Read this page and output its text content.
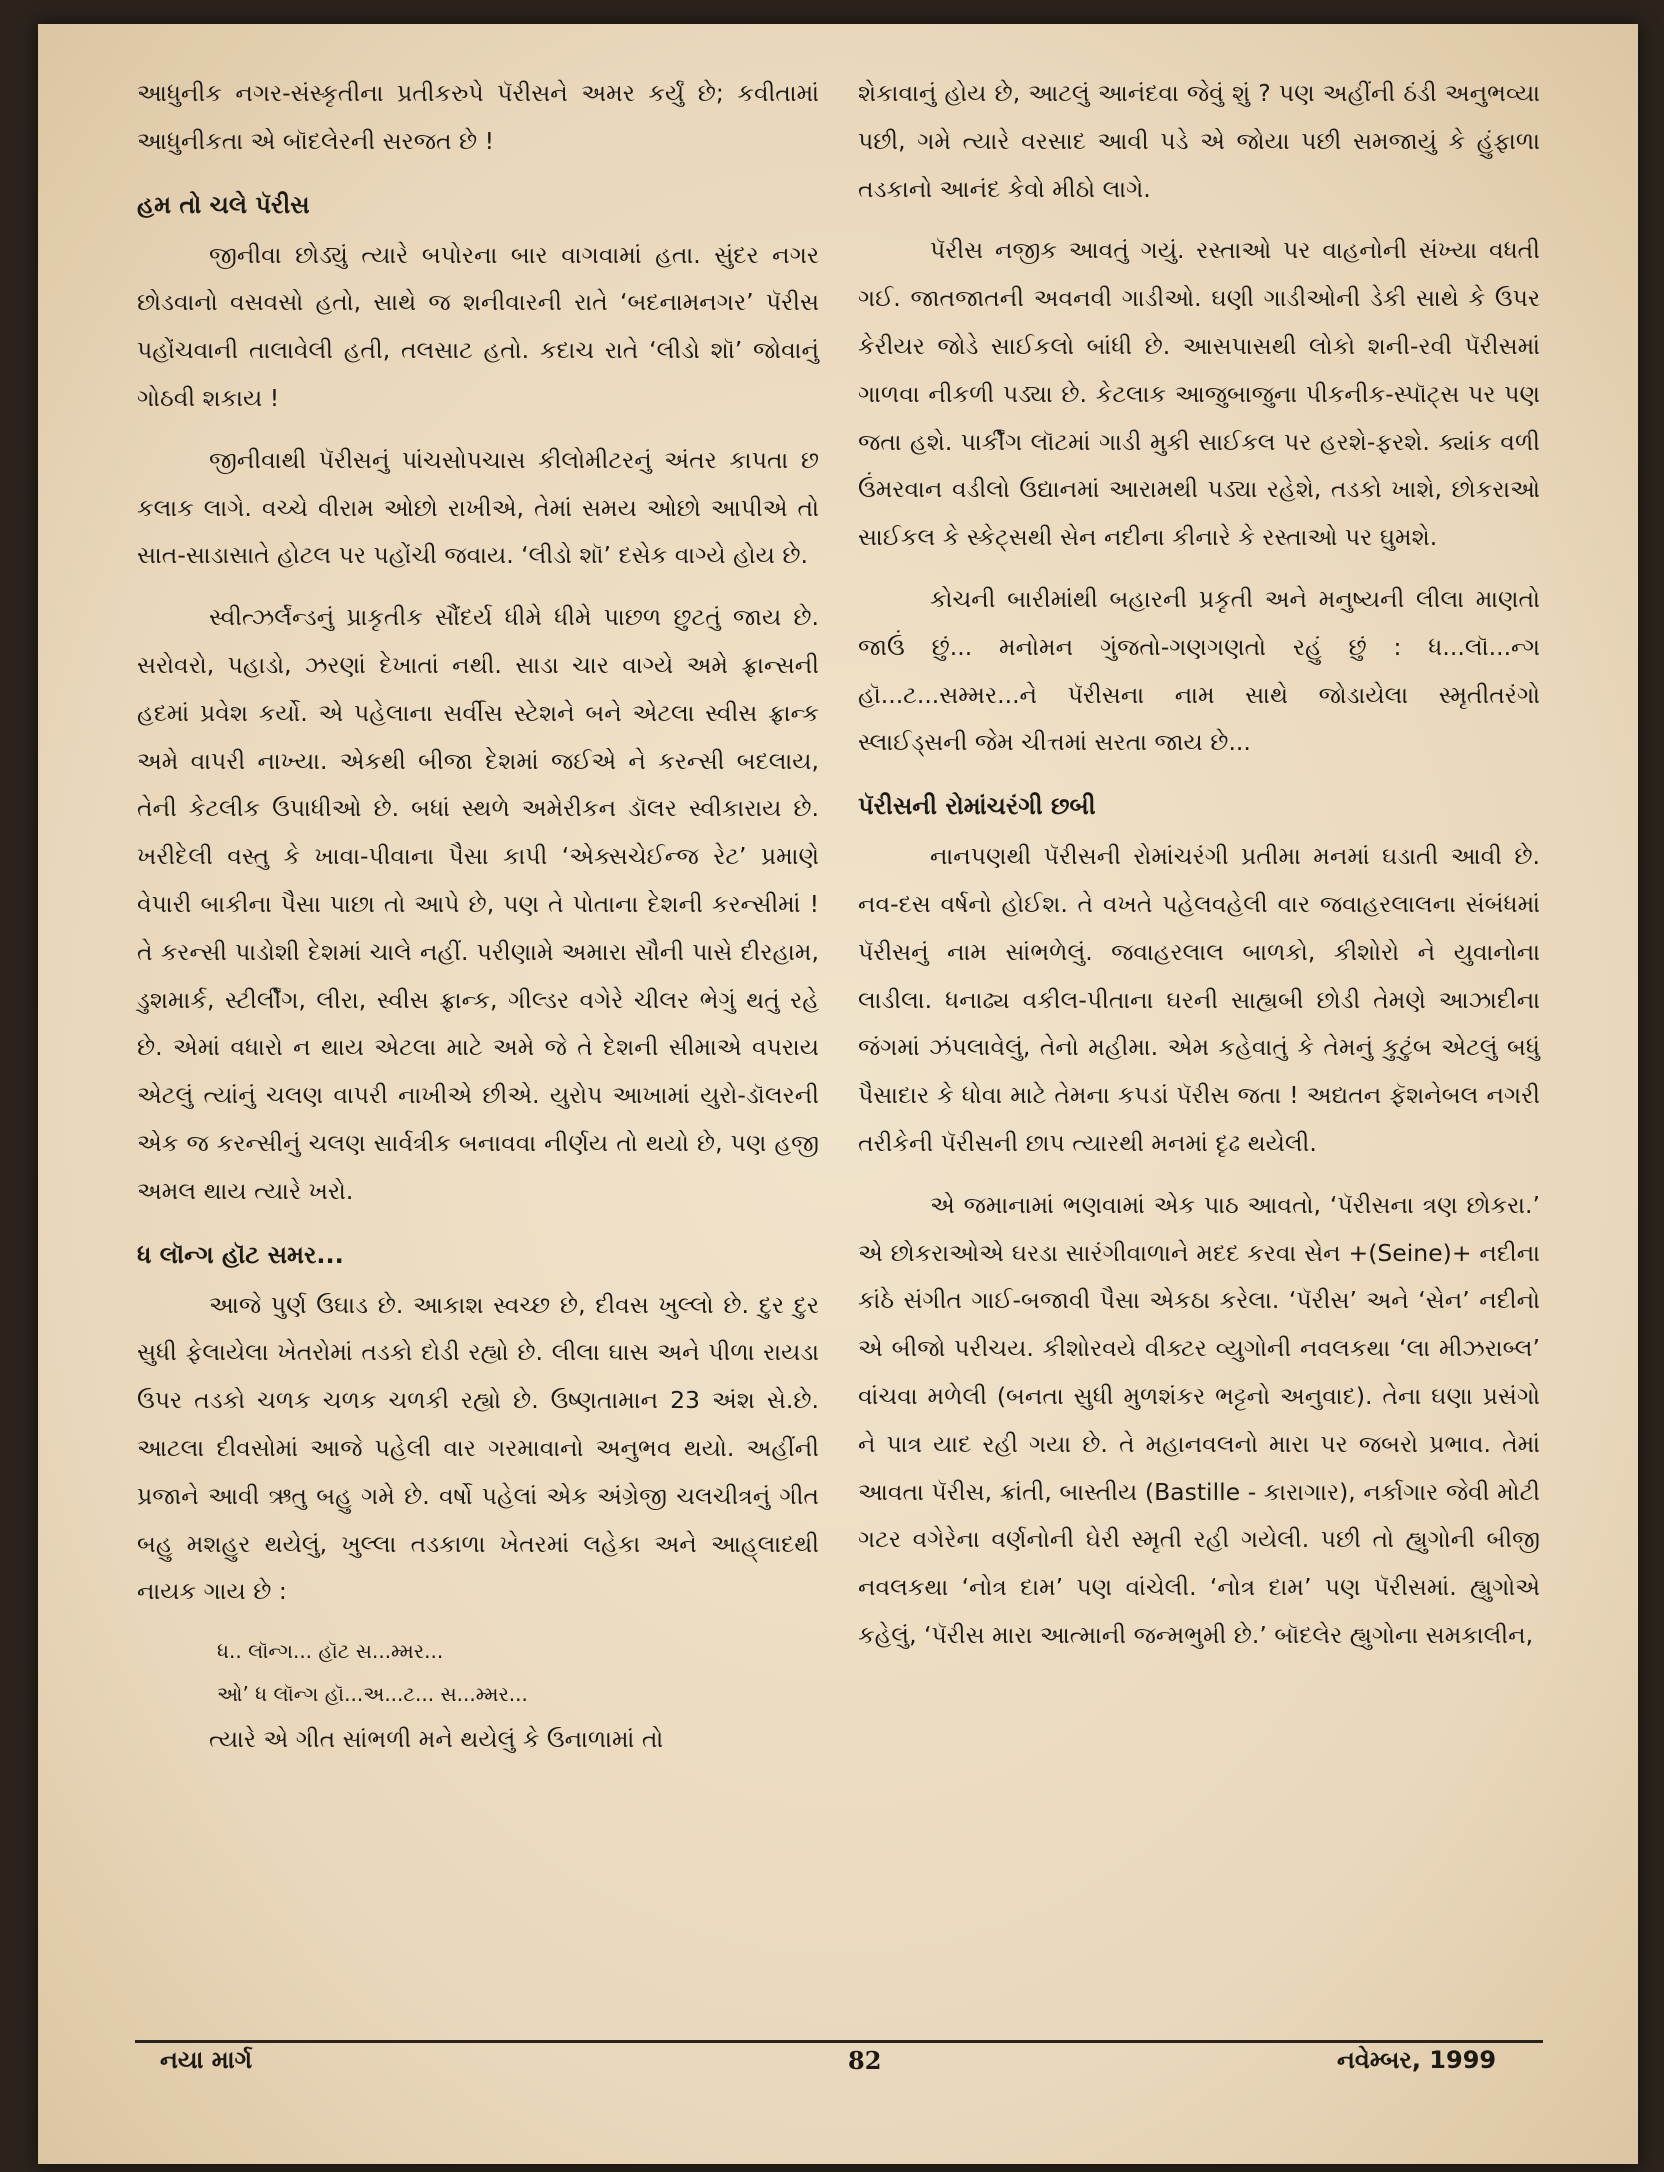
આધુનીક નગર-સંસ્કૃતીના પ્રતીકરુપે પૅરીસને અમર કર્યું છે; કવીતામાં આધુનીકતા એ બૉદલેરની સરજત છે !

હમ તો ચલે પૅરીસ

જીનીવા છોડ્યું ત્યારે બપોરના બાર વાગવામાં હતા. સુંદર નગર છોડવાનો વસવસો હતો, સાથે જ શનીવારની રાતે ‘બદનામનગર’ પૅરીસ પહોંચવાની તાલાવેલી હતી, તલસાટ હતો. કદાચ રાતે ‘લીડો શૉ’ જોવાનું ગોઠવી શકાય !

જીનીવાથી પૅરીસનું પાંચસોપચાસ કીલોમીટરનું અંતર કાપતા છ કલાક લાગે. વચ્ચે વીરામ ઓછો રાખીએ, તેમાં સમય ઓછો આપીએ તો સાત-સાડાસાતે હોટલ પર પહોંચી જવાય. ‘લીડો શૉ’ દસેક વાગ્યે હોય છે.

સ્વીત્ઝર્લૅન્ડનું પ્રાકૃતીક સૌંદર્ય ધીમે ધીમે પાછળ છુટતું જાય છે. સરોવરો, પહાડો, ઝરણાં દેખાતાં નથી. સાડા ચાર વાગ્યે અમે ફ્રાન્સની હદમાં પ્રવેશ કર્યો. એ પહેલાના સર્વીસ સ્ટેશને બને એટલા સ્વીસ ફ્રાન્ક અમે વાપરી નાખ્યા. એકથી બીજા દેશમાં જઈએ ને કરન્સી બદલાય, તેની કેટલીક ઉપાધીઓ છે. બધાં સ્થળે અમેરીકન ડૉલર સ્વીકારાય છે. ખરીદેલી વસ્તુ કે ખાવા-પીવાના પૈસા કાપી ‘એક્સચેઈન્જ રેટ’ પ્રમાણે વેપારી બાકીના પૈસા પાછા તો આપે છે, પણ તે પોતાના દેશની કરન્સીમાં ! તે કરન્સી પાડોશી દેશમાં ચાલે નહીં. પરીણામે અમારા સૌની પાસે દીરહામ, ડુશમાર્ક, સ્ટીર્લીંગ, લીરા, સ્વીસ ફ્રાન્ક, ગીલ્ડર વગેરે ચીલર ભેગું થતું રહે છે. એમાં વધારો ન થાય એટલા માટે અમે જે તે દેશની સીમાએ વપરાય એટલું ત્યાંનું ચલણ વાપરી નાખીએ છીએ. યુરોપ આખામાં યુરો-ડૉલરની એક જ કરન્સીનું ચલણ સાર્વત્રીક બનાવવા નીર્ણય તો થયો છે, પણ હજી અમલ થાય ત્યારે ખરો.

ધ લૉન્ગ હૉટ સમર...

આજે પુર્ણ ઉઘાડ છે. આકાશ સ્વચ્છ છે, દીવસ ખુલ્લો છે. દુર દુર સુધી ફેલાયેલા ખેતરોમાં તડકો દોડી રહ્યો છે. લીલા ઘાસ અને પીળા રાયડા ઉપર તડકો ચળક ચળક ચળકી રહ્યો છે. ઉષ્ણતામાન 23 અંશ સે.છે. આટલા દીવસોમાં આજે પહેલી વાર ગરમાવાનો અનુભવ થયો. અહીંની પ્રજાને આવી ઋતુ બહુ ગમે છે. વર્ષો પહેલાં એક અંગ્રેજી ચલચીત્રનું ગીત બહુ મશહુર થયેલું, ખુલ્લા તડકાળા ખેતરમાં લહેકા અને આહ્‌લાદથી નાયક ગાય છે :

ધ.. લૉન્ગ... હૉટ સ...મ્મર...
ઓ’ ધ લૉન્ગ હૉ...અ...ટ... સ...મ્મર...

ત્યારે એ ગીત સાંભળી મને થયેલું કે ઉનાળામાં તો

શેકાવાનું હોય છે, આટલું આનંદવા જેવું શું ? પણ અહીંની ઠંડી અનુભવ્યા પછી, ગમે ત્યારે વરસાદ આવી પડે એ જોયા પછી સમજાયું કે હુંફાળા તડકાનો આનંદ કેવો મીઠો લાગે.

પૅરીસ નજીક આવતું ગયું. રસ્તાઓ પર વાહનોની સંખ્યા વધતી ગઈ. જાતજાતની અવનવી ગાડીઓ. ઘણી ગાડીઓની ડેકી સાથે કે ઉપર કેરીયર જોડે સાઈકલો બાંધી છે. આસપાસથી લોકો શની-રવી પૅરીસમાં ગાળવા નીકળી પડ્યા છે. કેટલાક આજુબાજુના પીકનીક-સ્પૉટ્સ પર પણ જતા હશે. પાર્કીંગ લૉટમાં ગાડી મુકી સાઈકલ પર હરશે-ફરશે. ક્યાંક વળી ઉંમરવાન વડીલો ઉદ્યાનમાં આરામથી પડ્યા રહેશે, તડકો ખાશે, છોકરાઓ સાઈકલ કે સ્કેટ્સથી સેન નદીના કીનારે કે રસ્તાઓ પર ઘુમશે.

કોચની બારીમાંથી બહારની પ્રકૃતી અને મનુષ્યની લીલા માણતો જાઉં છું... મનોમન ગુંજતો-ગણગણતો રહું છું : ધ...લૉ...ન્ગ હૉ...ટ...સમ્મર...ને પૅરીસના નામ સાથે જોડાયેલા સ્મૃતીતરંગો સ્લાઈડ્સની જેમ ચીત્તમાં સરતા જાય છે...

પૅરીસની રોમાંચરંગી છબી

નાનપણથી પૅરીસની રોમાંચરંગી પ્રતીમા મનમાં ઘડાતી આવી છે. નવ-દસ વર્ષનો હોઈશ. તે વખતે પહેલવહેલી વાર જવાહરલાલના સંબંધમાં પૅરીસનું નામ સાંભળેલું. જવાહરલાલ બાળકો, કીશોરો ને યુવાનોના લાડીલા. ધનાઢ્ય વકીલ-પીતાના ઘરની સાહ્યબી છોડી તેમણે આઝાદીના જંગમાં ઝંપલાવેલું, તેનો મહીમા. એમ કહેવાતું કે તેમનું કુટુંબ એટલું બધું પૈસાદાર કે ધોવા માટે તેમના કપડાં પૅરીસ જતા ! અદ્યતન ફૅશનેબલ નગરી તરીકેની પૅરીસની છાપ ત્યારથી મનમાં દૃઢ થયેલી.

એ જમાનામાં ભણવામાં એક પાઠ આવતો, ‘પૅરીસના ત્રણ છોકરા.’ એ છોકરાઓએ ઘરડા સારંગીવાળાને મદદ કરવા સેન +(Seine)+ નદીના કાંઠે સંગીત ગાઈ-બજાવી પૈસા એકઠા કરેલા. ‘પૅરીસ’ અને ‘સેન’ નદીનો એ બીજો પરીચય. કીશોરવયે વીક્ટર વ્યુગોની નવલકથા ‘લા મીઝરાબ્લ’ વાંચવા મળેલી (બનતા સુધી મુળશંકર ભટ્ટનો અનુવાદ). તેના ઘણા પ્રસંગો ને પાત્ર યાદ રહી ગયા છે. તે મહાનવલનો મારા પર જબરો પ્રભાવ. તેમાં આવતા પૅરીસ, ક્રાંતી, બાસ્તીય (Bastille - કારાગાર), નર્કાગાર જેવી મોટી ગટર વગેરેના વર્ણનોની ઘેરી સ્મૃતી રહી ગયેલી. પછી તો હ્યુગોની બીજી નવલકથા ‘નોત્ર દામ’ પણ વાંચેલી. ‘નોત્ર દામ’ પણ પૅરીસમાં. હ્યુગોએ કહેલું, ‘પૅરીસ મારા આત્માની જન્મભુમી છે.’ બૉદલેર હ્યુગોના સમકાલીન,

નયા માર્ગ	82	નવેમ્બર, 1999
